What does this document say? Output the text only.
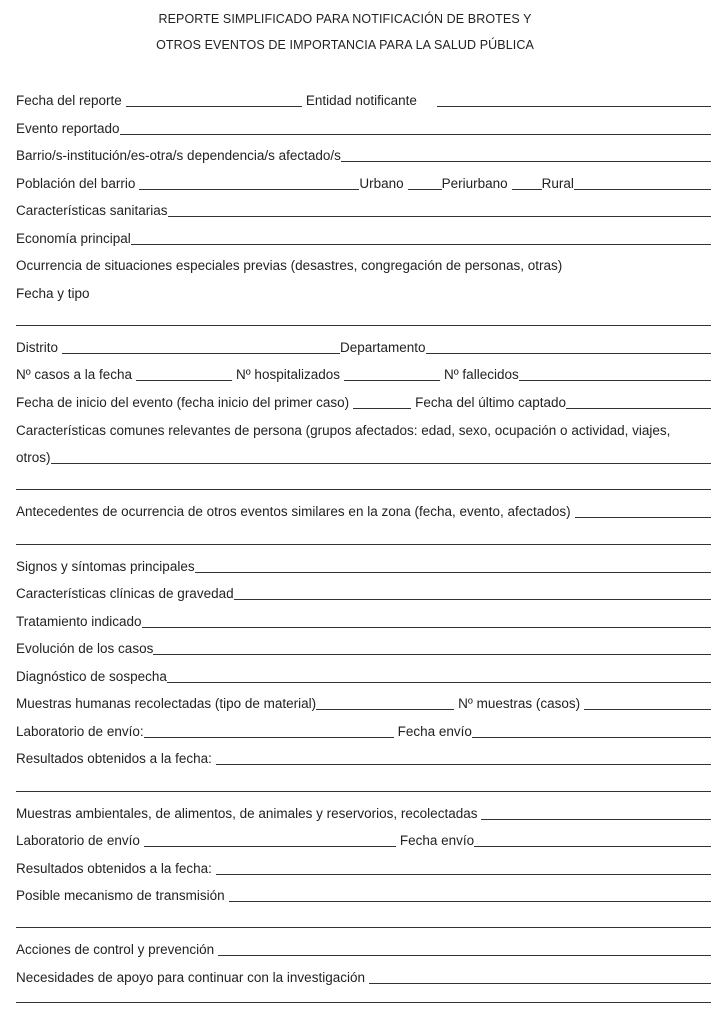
REPORTE SIMPLIFICADO PARA NOTIFICACIÓN DE BROTES Y
OTROS EVENTOS DE IMPORTANCIA PARA LA SALUD PÚBLICA
Fecha del reporte	Entidad notificante
Evento reportado
Barrio/s-institución/es-otra/s dependencia/s afectado/s
Población del barrio	Urbano	Periurbano	Rural
Características sanitarias
Economía principal
Ocurrencia de situaciones especiales previas (desastres, congregación de personas, otras)
Fecha y tipo
Distrito	Departamento
Nº casos a la fecha	Nº hospitalizados	Nº fallecidos
Fecha de inicio del evento (fecha inicio del primer caso)	Fecha del último captado
Características comunes relevantes de persona (grupos afectados: edad, sexo, ocupación o actividad, viajes,
otros)
Antecedentes de ocurrencia de otros eventos similares en la zona (fecha, evento, afectados)
Signos y síntomas principales
Características clínicas de gravedad
Tratamiento indicado
Evolución de los casos
Diagnóstico de sospecha
Muestras humanas recolectadas (tipo de material)	Nº muestras (casos)
Laboratorio de envío:	Fecha envío
Resultados obtenidos a la fecha:
Muestras ambientales, de alimentos, de animales y reservorios, recolectadas
Laboratorio de envío	Fecha envío
Resultados obtenidos a la fecha:
Posible mecanismo de transmisión
Acciones de control y prevención
Necesidades de apoyo para continuar con la investigación
